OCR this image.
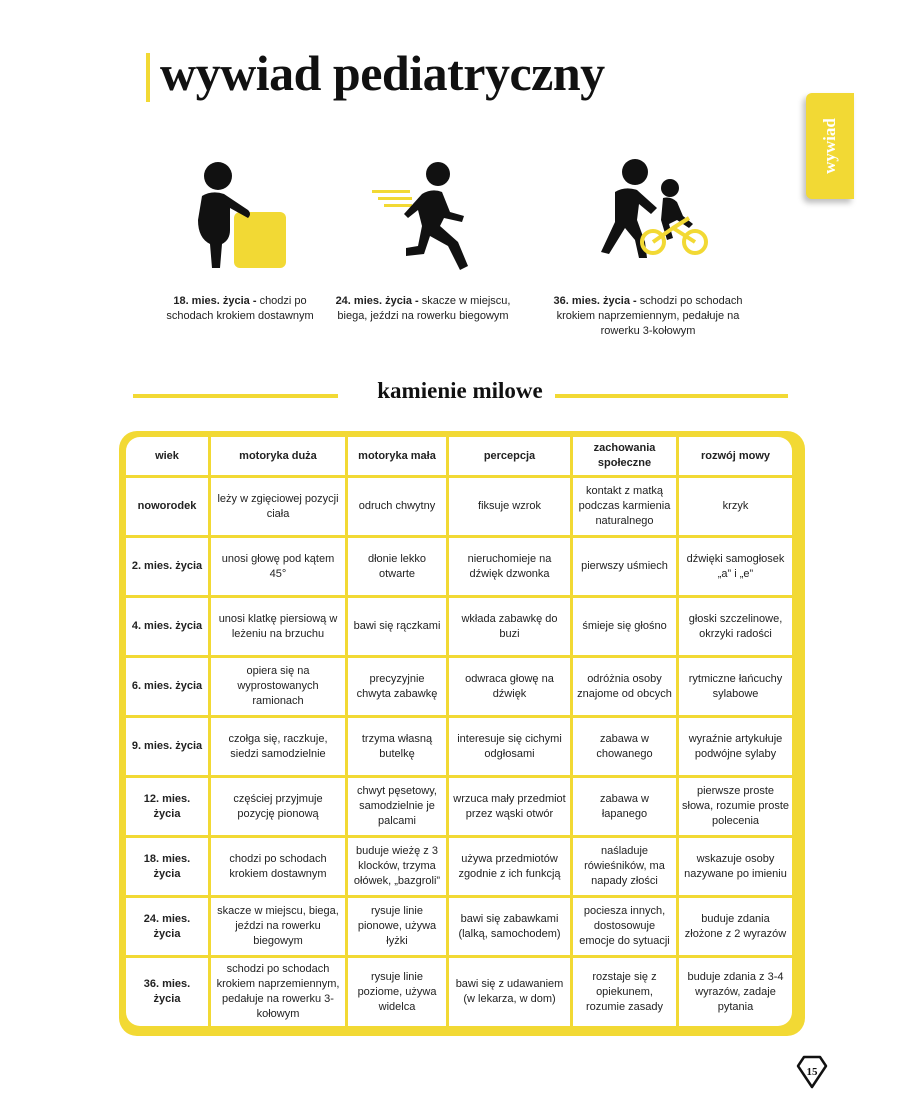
wywiad pediatryczny
wywiad
18. mies. życia - chodzi po schodach krokiem dostawnym
24. mies. życia - skacze w miejscu, biega, jeździ na rowerku biegowym
36. mies. życia - schodzi po schodach krokiem naprzemiennym, pedałuje na rowerku 3-kołowym
kamienie milowe
wiek	motoryka duża	motoryka mała	percepcja	zachowania społeczne	rozwój mowy
noworodek	leży w zgięciowej pozycji ciała	odruch chwytny	fiksuje wzrok	kontakt z matką podczas karmienia naturalnego	krzyk
2. mies. życia	unosi głowę pod kątem 45°	dłonie lekko otwarte	nieruchomieje na dźwięk dzwonka	pierwszy uśmiech	dźwięki samogłosek „a” i „e”
4. mies. życia	unosi klatkę piersiową w leżeniu na brzuchu	bawi się rączkami	wkłada zabawkę do buzi	śmieje się głośno	głoski szczelinowe, okrzyki radości
6. mies. życia	opiera się na wyprostowanych ramionach	precyzyjnie chwyta zabawkę	odwraca głowę na dźwięk	odróżnia osoby znajome od obcych	rytmiczne łańcuchy sylabowe
9. mies. życia	czołga się, raczkuje, siedzi samodzielnie	trzyma własną butelkę	interesuje się cichymi odgłosami	zabawa w chowanego	wyraźnie artykułuje podwójne sylaby
12. mies. życia	częściej przyjmuje pozycję pionową	chwyt pęsetowy, samodzielnie je palcami	wrzuca mały przedmiot przez wąski otwór	zabawa w łapanego	pierwsze proste słowa, rozumie proste polecenia
18. mies. życia	chodzi po schodach krokiem dostawnym	buduje wieżę z 3 klocków, trzyma ołówek, „bazgroli”	używa przedmiotów zgodnie z ich funkcją	naśladuje rówieśników, ma napady złości	wskazuje osoby nazywane po imieniu
24. mies. życia	skacze w miejscu, biega, jeździ na rowerku biegowym	rysuje linie pionowe, używa łyżki	bawi się zabawkami (lalką, samochodem)	pociesza innych, dostosowuje emocje do sytuacji	buduje zdania złożone z 2 wyrazów
36. mies. życia	schodzi po schodach krokiem naprzemiennym, pedałuje na rowerku 3-kołowym	rysuje linie poziome, używa widelca	bawi się z udawaniem (w lekarza, w dom)	rozstaje się z opiekunem, rozumie zasady	buduje zdania z 3-4 wyrazów, zadaje pytania
15
